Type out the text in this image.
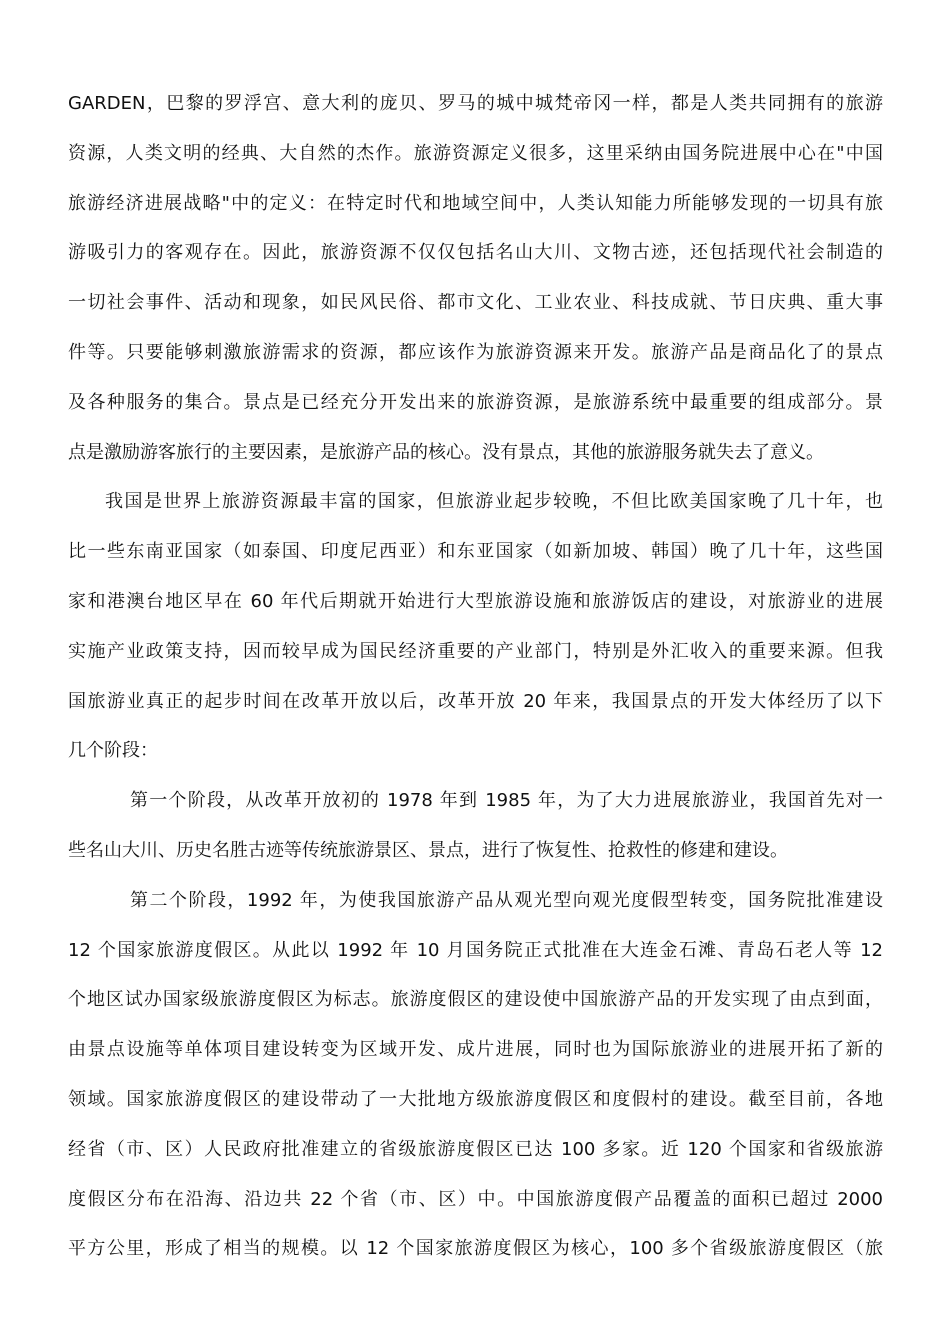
GARDEN，巴黎的罗浮宫、意大利的庞贝、罗马的城中城梵帝冈一样，都是人类共同拥有的旅游
资源，人类文明的经典、大自然的杰作。旅游资源定义很多，这里采纳由国务院进展中心在"中国
旅游经济进展战略"中的定义：在特定时代和地域空间中，人类认知能力所能够发现的一切具有旅
游吸引力的客观存在。因此，旅游资源不仅仅包括名山大川、文物古迹，还包括现代社会制造的
一切社会事件、活动和现象，如民风民俗、都市文化、工业农业、科技成就、节日庆典、重大事
件等。只要能够刺激旅游需求的资源，都应该作为旅游资源来开发。旅游产品是商品化了的景点
及各种服务的集合。景点是已经充分开发出来的旅游资源，是旅游系统中最重要的组成部分。景
点是激励游客旅行的主要因素，是旅游产品的核心。没有景点，其他的旅游服务就失去了意义。
我国是世界上旅游资源最丰富的国家，但旅游业起步较晚，不但比欧美国家晚了几十年，也
比一些东南亚国家（如泰国、印度尼西亚）和东亚国家（如新加坡、韩国）晚了几十年，这些国
家和港澳台地区早在 60 年代后期就开始进行大型旅游设施和旅游饭店的建设，对旅游业的进展
实施产业政策支持，因而较早成为国民经济重要的产业部门，特别是外汇收入的重要来源。但我
国旅游业真正的起步时间在改革开放以后，改革开放 20 年来，我国景点的开发大体经历了以下
几个阶段：
第一个阶段，从改革开放初的 1978 年到 1985 年，为了大力进展旅游业，我国首先对一
些名山大川、历史名胜古迹等传统旅游景区、景点，进行了恢复性、抢救性的修建和建设。
第二个阶段，1992 年，为使我国旅游产品从观光型向观光度假型转变，国务院批准建设
12 个国家旅游度假区。从此以 1992 年 10 月国务院正式批准在大连金石滩、青岛石老人等 12
个地区试办国家级旅游度假区为标志。旅游度假区的建设使中国旅游产品的开发实现了由点到面，
由景点设施等单体项目建设转变为区域开发、成片进展，同时也为国际旅游业的进展开拓了新的
领域。国家旅游度假区的建设带动了一大批地方级旅游度假区和度假村的建设。截至目前，各地
经省（市、区）人民政府批准建立的省级旅游度假区已达 100 多家。近 120 个国家和省级旅游
度假区分布在沿海、沿边共 22 个省（市、区）中。中国旅游度假产品覆盖的面积已超过 2000
平方公里，形成了相当的规模。以 12 个国家旅游度假区为核心，100 多个省级旅游度假区（旅
